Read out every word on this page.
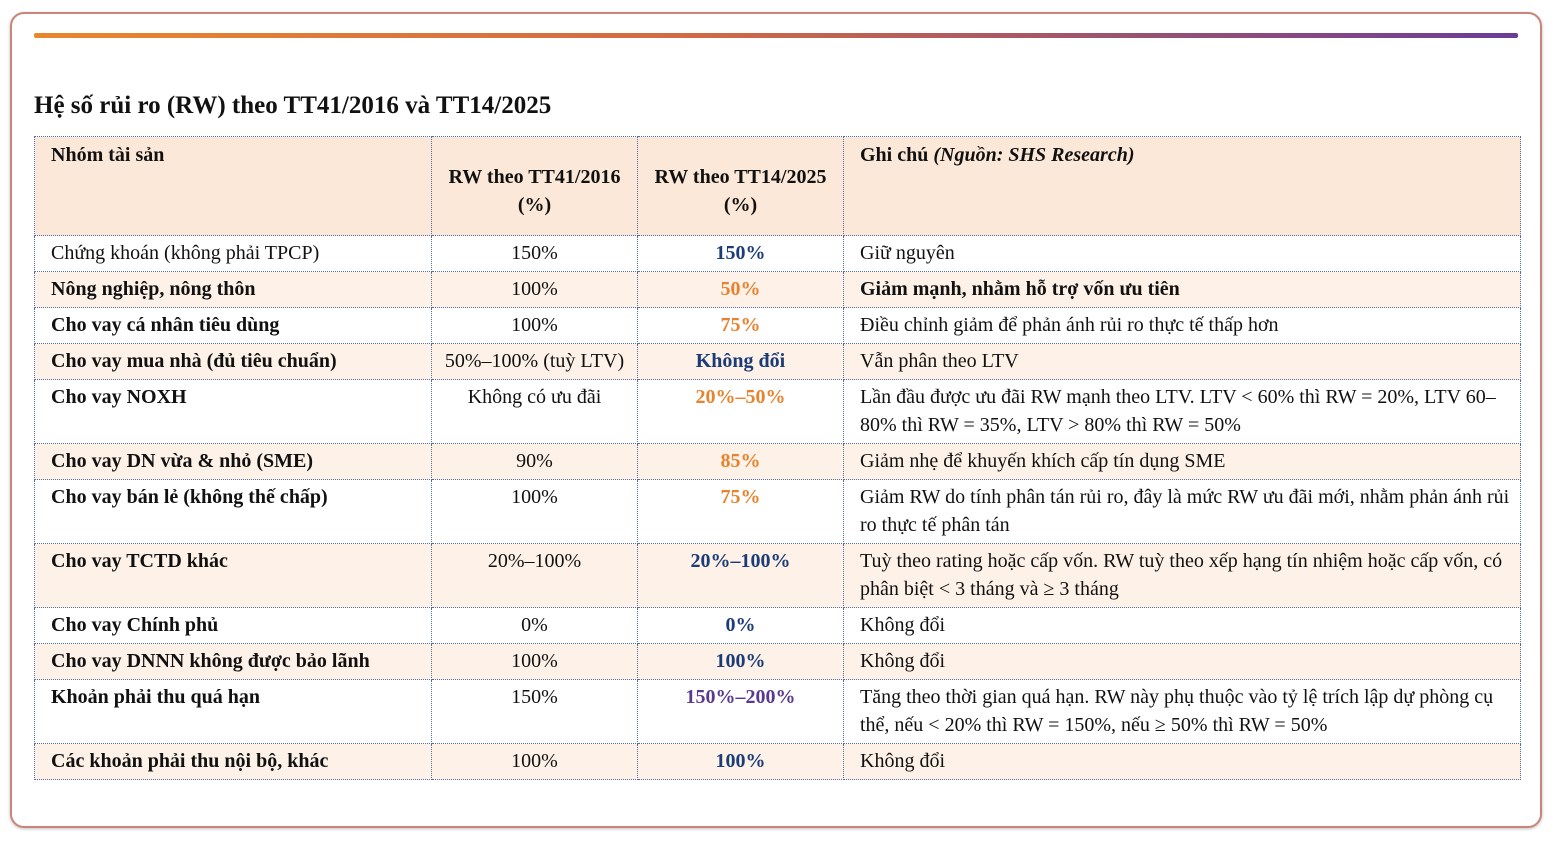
Hệ số rủi ro (RW) theo TT41/2016 và TT14/2025
Nhóm tài sản	RW theo TT41/2016 (%)	RW theo TT14/2025 (%)	Ghi chú (Nguồn: SHS Research)
Chứng khoán (không phải TPCP)	150%	150%	Giữ nguyên
Nông nghiệp, nông thôn	100%	50%	Giảm mạnh, nhằm hỗ trợ vốn ưu tiên
Cho vay cá nhân tiêu dùng	100%	75%	Điều chỉnh giảm để phản ánh rủi ro thực tế thấp hơn
Cho vay mua nhà (đủ tiêu chuẩn)	50%–100% (tuỳ LTV)	Không đổi	Vẫn phân theo LTV
Cho vay NOXH	Không có ưu đãi	20%–50%	Lần đầu được ưu đãi RW mạnh theo LTV. LTV < 60% thì RW = 20%, LTV 60–80% thì RW = 35%, LTV > 80% thì RW = 50%
Cho vay DN vừa & nhỏ (SME)	90%	85%	Giảm nhẹ để khuyến khích cấp tín dụng SME
Cho vay bán lẻ (không thế chấp)	100%	75%	Giảm RW do tính phân tán rủi ro, đây là mức RW ưu đãi mới, nhằm phản ánh rủi ro thực tế phân tán
Cho vay TCTD khác	20%–100%	20%–100%	Tuỳ theo rating hoặc cấp vốn. RW tuỳ theo xếp hạng tín nhiệm hoặc cấp vốn, có phân biệt < 3 tháng và ≥ 3 tháng
Cho vay Chính phủ	0%	0%	Không đổi
Cho vay DNNN không được bảo lãnh	100%	100%	Không đổi
Khoản phải thu quá hạn	150%	150%–200%	Tăng theo thời gian quá hạn. RW này phụ thuộc vào tỷ lệ trích lập dự phòng cụ thể, nếu < 20% thì RW = 150%, nếu ≥ 50% thì RW = 50%
Các khoản phải thu nội bộ, khác	100%	100%	Không đổi
